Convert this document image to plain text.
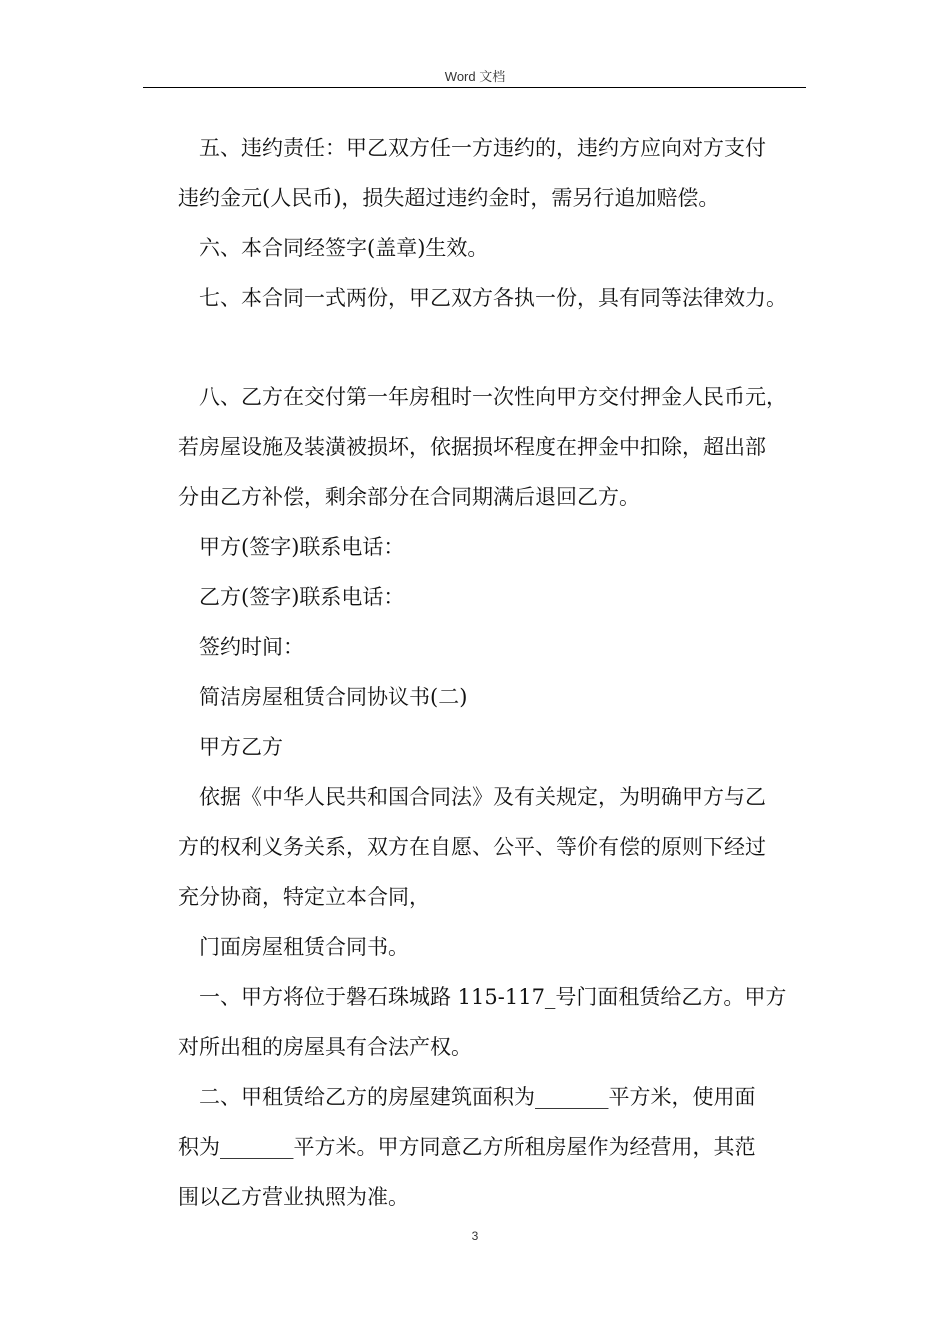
Word 文档
　五、违约责任：甲乙双方任一方违约的，违约方应向对方支付
违约金元(人民币)，损失超过违约金时，需另行追加赔偿。
　六、本合同经签字(盖章)生效。
　七、本合同一式两份，甲乙双方各执一份，具有同等法律效力。
　八、乙方在交付第一年房租时一次性向甲方交付押金人民币元，
若房屋设施及装潢被损坏，依据损坏程度在押金中扣除，超出部
分由乙方补偿，剩余部分在合同期满后退回乙方。
　甲方(签字)联系电话：
　乙方(签字)联系电话：
　签约时间：
　简洁房屋租赁合同协议书(二)
　甲方乙方
　依据《中华人民共和国合同法》及有关规定，为明确甲方与乙
方的权利义务关系，双方在自愿、公平、等价有偿的原则下经过
充分协商，特定立本合同，
　门面房屋租赁合同书。
　一、甲方将位于磐石珠城路 115-117_号门面租赁给乙方。甲方
对所出租的房屋具有合法产权。
　二、甲租赁给乙方的房屋建筑面积为_______平方米，使用面
积为_______平方米。甲方同意乙方所租房屋作为经营用，其范
围以乙方营业执照为准。
3
